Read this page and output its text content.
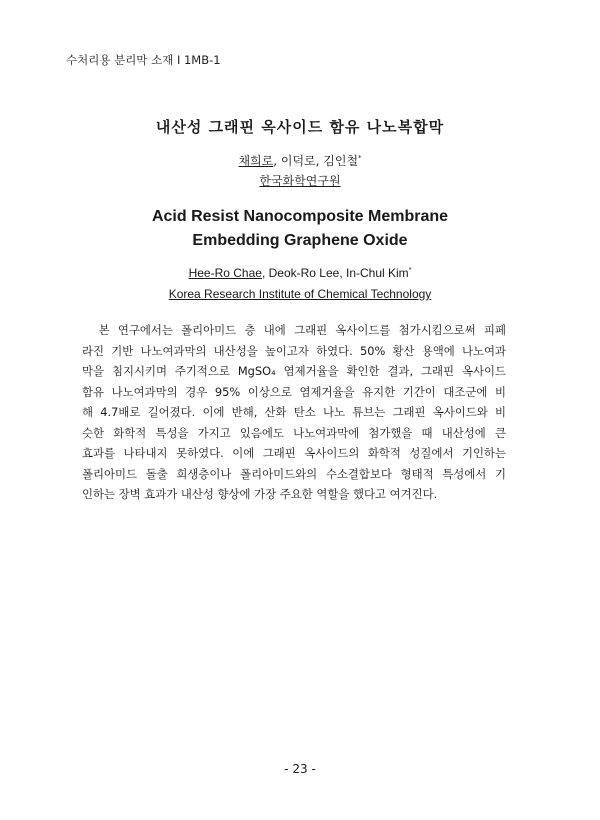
수처리용 분리막 소재 Ⅰ 1MB-1
내산성 그래핀 옥사이드 함유 나노복합막
채희로, 이덕로, 김인철*
한국화학연구원
Acid Resist Nanocomposite Membrane
Embedding Graphene Oxide
Hee-Ro Chae, Deok-Ro Lee, In-Chul Kim*
Korea Research Institute of Chemical Technology
본 연구에서는 폴리아미드 층 내에 그래핀 옥사이드를 첨가시킴으로써 피페
라진 기반 나노여과막의 내산성을 높이고자 하였다. 50% 황산 용액에 나노여과
막을 침지시키며 주기적으로 MgSO₄ 염제거율을 확인한 결과, 그래핀 옥사이드
함유 나노여과막의 경우 95% 이상으로 염제거율을 유지한 기간이 대조군에 비
해 4.7배로 길어졌다. 이에 반해, 산화 탄소 나노 튜브는 그래핀 옥사이드와 비
슷한 화학적 특성을 가지고 있음에도 나노여과막에 첨가했을 때 내산성에 큰
효과를 나타내지 못하였다. 이에 그래핀 옥사이드의 화학적 성질에서 기인하는
폴리아미드 돌출 희생층이나 폴리아미드와의 수소결합보다 형태적 특성에서 기
인하는 장벽 효과가 내산성 향상에 가장 주요한 역할을 했다고 여겨진다.
- 23 -
